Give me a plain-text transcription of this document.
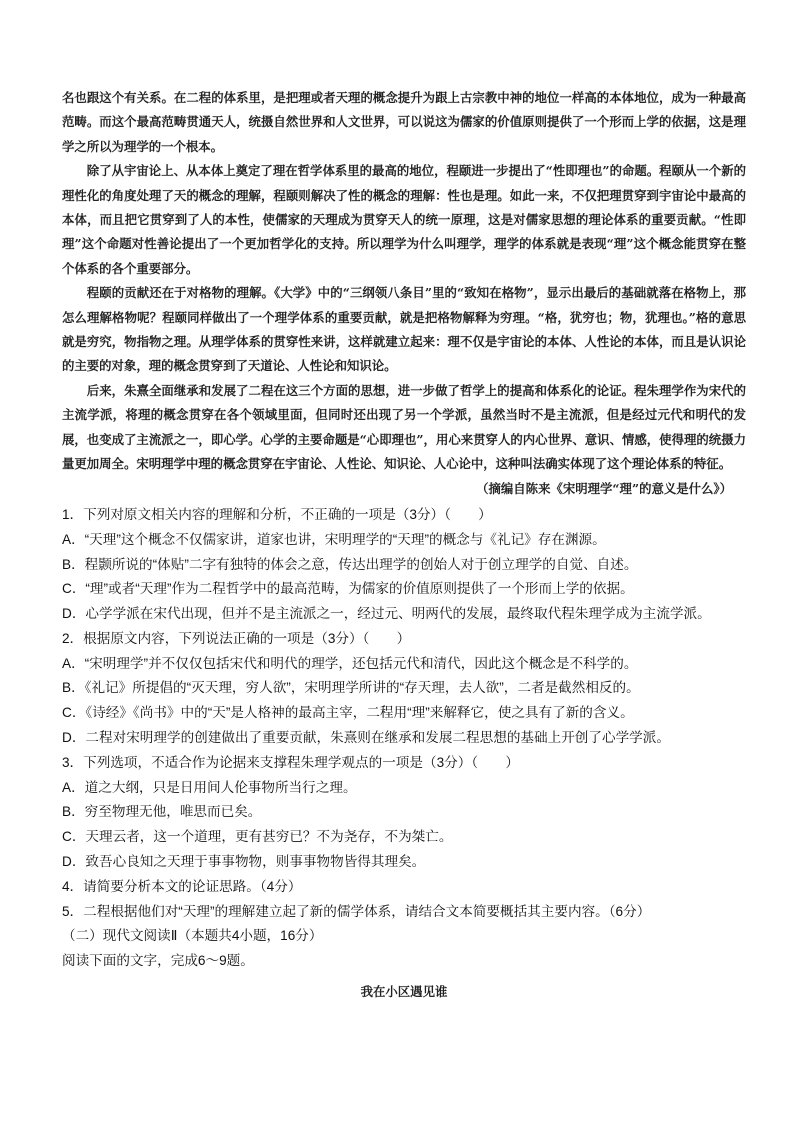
名也跟这个有关系。在二程的体系里，是把理或者天理的概念提升为跟上古宗教中神的地位一样高的本体地位，成为一种最高范畴。而这个最高范畴贯通天人，统摄自然世界和人文世界，可以说这为儒家的价值原则提供了一个形而上学的依据，这是理学之所以为理学的一个根本。

除了从宇宙论上、从本体上奠定了理在哲学体系里的最高的地位，程颐进一步提出了“性即理也”的命题。程颐从一个新的理性化的角度处理了天的概念的理解，程颐则解决了性的概念的理解：性也是理。如此一来，不仅把理贯穿到宇宙论中最高的本体，而且把它贯穿到了人的本性，使儒家的天理成为贯穿天人的统一原理，这是对儒家思想的理论体系的重要贡献。“性即理”这个命题对性善论提出了一个更加哲学化的支持。所以理学为什么叫理学，理学的体系就是表现“理”这个概念能贯穿在整个体系的各个重要部分。

程颐的贡献还在于对格物的理解。《大学》中的“三纲领八条目”里的“致知在格物”，显示出最后的基础就落在格物上，那怎么理解格物呢？程颐同样做出了一个理学体系的重要贡献，就是把格物解释为穷理。“格，犹穷也；物，犹理也。”格的意思就是穷究，物指物之理。从理学体系的贯穿性来讲，这样就建立起来：理不仅是宇宙论的本体、人性论的本体，而且是认识论的主要的对象，理的概念贯穿到了天道论、人性论和知识论。

后来，朱熹全面继承和发展了二程在这三个方面的思想，进一步做了哲学上的提高和体系化的论证。程朱理学作为宋代的主流学派，将理的概念贯穿在各个领域里面，但同时还出现了另一个学派，虽然当时不是主流派，但是经过元代和明代的发展，也变成了主流派之一，即心学。心学的主要命题是“心即理也”，用心来贯穿人的内心世界、意识、情感，使得理的统摄力量更加周全。宋明理学中理的概念贯穿在宇宙论、人性论、知识论、人心论中，这种叫法确实体现了这个理论体系的特征。

（摘编自陈来《宋明理学“理”的意义是什么》）

1．下列对原文相关内容的理解和分析，不正确的一项是（3分）（　　）

A．“天理”这个概念不仅儒家讲，道家也讲，宋明理学的“天理”的概念与《礼记》存在渊源。

B．程颢所说的“体贴”二字有独特的体会之意，传达出理学的创始人对于创立理学的自觉、自述。

C．“理”或者“天理”作为二程哲学中的最高范畴，为儒家的价值原则提供了一个形而上学的依据。

D．心学学派在宋代出现，但并不是主流派之一，经过元、明两代的发展，最终取代程朱理学成为主流学派。

2．根据原文内容，下列说法正确的一项是（3分）（　　）

A．“宋明理学”并不仅仅包括宋代和明代的理学，还包括元代和清代，因此这个概念是不科学的。

B．《礼记》所提倡的“灭天理，穷人欲”，宋明理学所讲的“存天理，去人欲”，二者是截然相反的。

C．《诗经》《尚书》中的“天”是人格神的最高主宰，二程用“理”来解释它，使之具有了新的含义。

D．二程对宋明理学的创建做出了重要贡献，朱熹则在继承和发展二程思想的基础上开创了心学学派。

3．下列选项，不适合作为论据来支撑程朱理学观点的一项是（3分）（　　）

A．道之大纲，只是日用间人伦事物所当行之理。

B．穷至物理无他，唯思而已矣。

C．天理云者，这一个道理，更有甚穷已？不为尧存，不为桀亡。

D．致吾心良知之天理于事事物物，则事事物物皆得其理矣。

4．请简要分析本文的论证思路。（4分）

5．二程根据他们对“天理”的理解建立起了新的儒学体系，请结合文本简要概括其主要内容。（6分）

（二）现代文阅读Ⅱ（本题共4小题，16分）

阅读下面的文字，完成6～9题。

我在小区遇见谁
